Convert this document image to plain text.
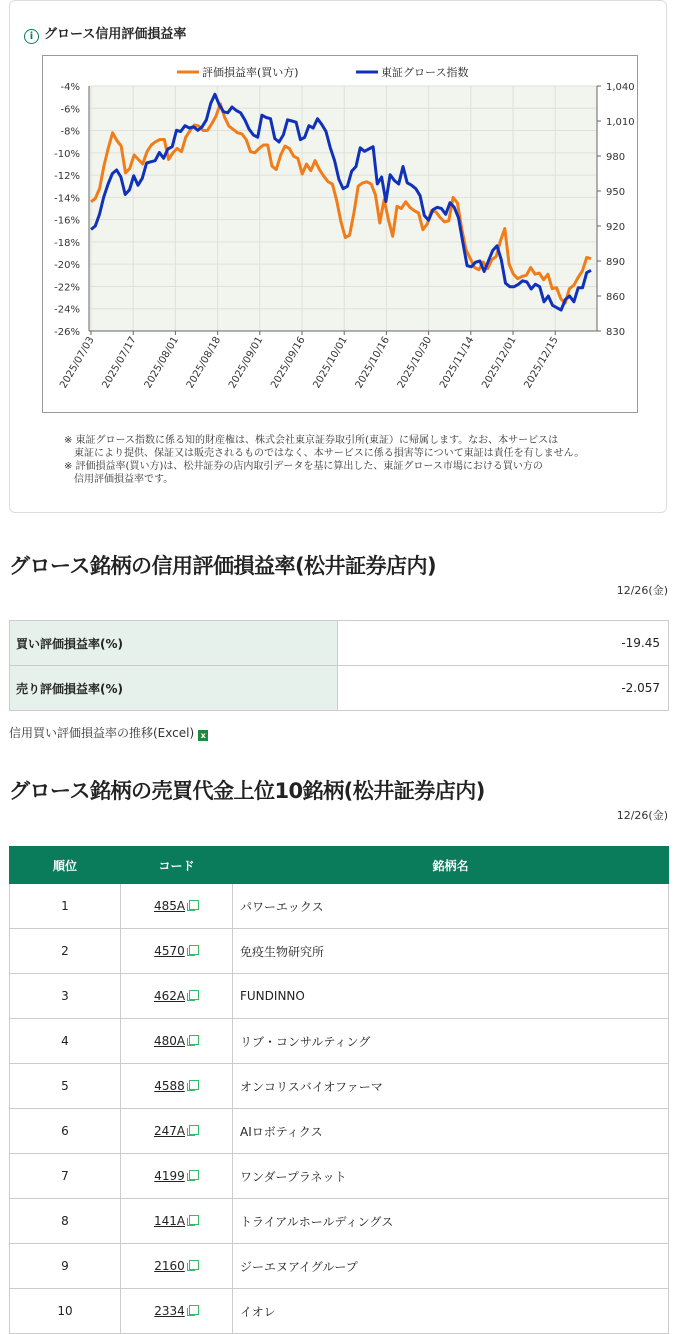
i グロース信用評価損益率
-4%
-6%
-8%
-10%
-12%
-14%
-16%
-18%
-20%
-22%
-24%
-26%
1,040
1,010
980
950
920
890
860
830
2025/07/03 2025/07/17 2025/08/01 2025/08/18 2025/09/01 2025/09/16 2025/10/01 2025/10/16 2025/10/30 2025/11/14 2025/12/01 2025/12/15
評価損益率(買い方)	東証グロース指数
※ 東証グロース指数に係る知的財産権は、株式会社東京証券取引所(東証）に帰属します。なお、本サービスは
　東証により提供、保証又は販売されるものではなく、本サービスに係る損害等について東証は責任を有しません。
※ 評価損益率(買い方)は、松井証券の店内取引データを基に算出した、東証グロース市場における買い方の
　信用評価損益率です。
グロース銘柄の信用評価損益率(松井証券店内)
12/26(金)
買い評価損益率(%)	-19.45
売り評価損益率(%)	-2.057
信用買い評価損益率の推移(Excel) x
グロース銘柄の売買代金上位10銘柄(松井証券店内)
12/26(金)
順位	コード	銘柄名
1	485A	パワーエックス
2	4570	免疫生物研究所
3	462A	FUNDINNO
4	480A	リブ・コンサルティング
5	4588	オンコリスバイオファーマ
6	247A	AIロボティクス
7	4199	ワンダープラネット
8	141A	トライアルホールディングス
9	2160	ジーエヌアイグループ
10	2334	イオレ
